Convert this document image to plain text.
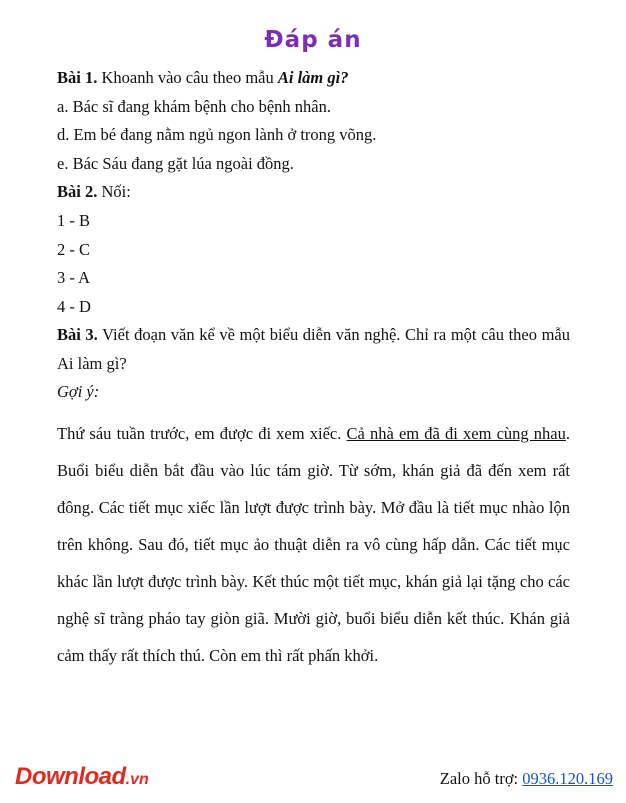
Đáp án

Bài 1. Khoanh vào câu theo mẫu Ai làm gì?

a. Bác sĩ đang khám bệnh cho bệnh nhân.

d. Em bé đang nằm ngủ ngon lành ở trong võng.

e. Bác Sáu đang gặt lúa ngoài đồng.

Bài 2. Nối:

1 - B

2 - C

3 - A

4 - D

Bài 3. Viết đoạn văn kể về một biểu diễn văn nghệ. Chỉ ra một câu theo mẫu Ai làm gì?

Gợi ý:

Thứ sáu tuần trước, em được đi xem xiếc. Cả nhà em đã đi xem cùng nhau. Buổi biểu diễn bắt đầu vào lúc tám giờ. Từ sớm, khán giả đã đến xem rất đông. Các tiết mục xiếc lần lượt được trình bày. Mở đầu là tiết mục nhào lộn trên không. Sau đó, tiết mục ảo thuật diễn ra vô cùng hấp dẫn. Các tiết mục khác lần lượt được trình bày. Kết thúc một tiết mục, khán giả lại tặng cho các nghệ sĩ tràng pháo tay giòn giã. Mười giờ, buổi biểu diễn kết thúc. Khán giả cảm thấy rất thích thú. Còn em thì rất phấn khởi.

Download.vn	Zalo hỗ trợ: 0936.120.169
